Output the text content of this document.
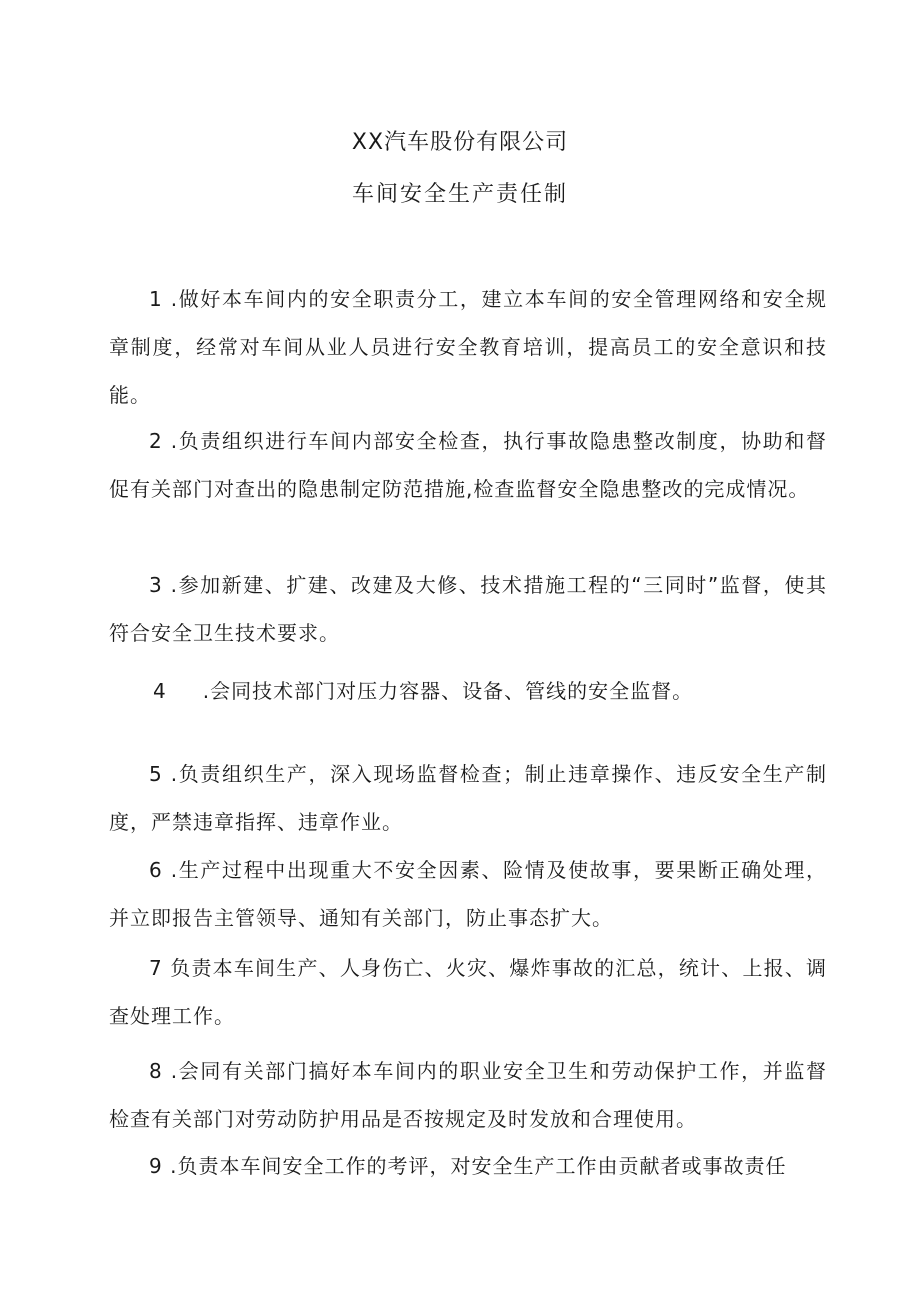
XX汽车股份有限公司
车间安全生产责任制
1 .做好本车间内的安全职责分工，建立本车间的安全管理网络和安全规章制度，经常对车间从业人员进行安全教育培训，提高员工的安全意识和技能。
2 .负责组织进行车间内部安全检查，执行事故隐患整改制度，协助和督促有关部门对查出的隐患制定防范措施,检查监督安全隐患整改的完成情况。
3 .参加新建、扩建、改建及大修、技术措施工程的“三同时”监督，使其符合安全卫生技术要求。
4 .会同技术部门对压力容器、设备、管线的安全监督。
5 .负责组织生产，深入现场监督检查；制止违章操作、违反安全生产制度，严禁违章指挥、违章作业。
6 .生产过程中出现重大不安全因素、险情及使故事，要果断正确处理，并立即报告主管领导、通知有关部门，防止事态扩大。
7 负责本车间生产、人身伤亡、火灾、爆炸事故的汇总，统计、上报、调查处理工作。
8 .会同有关部门搞好本车间内的职业安全卫生和劳动保护工作，并监督检查有关部门对劳动防护用品是否按规定及时发放和合理使用。
9 .负责本车间安全工作的考评，对安全生产工作由贡献者或事故责任
